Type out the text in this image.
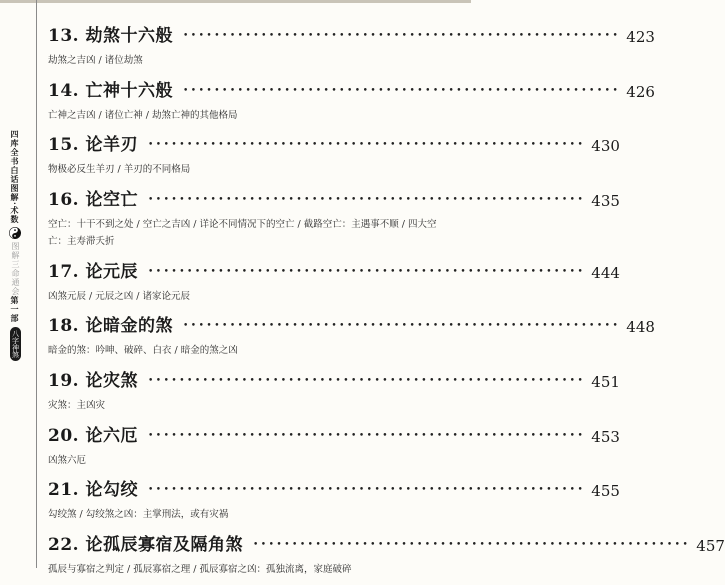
四库全书白话图解·术数
图解三命通会
第一部
八字神煞
13. 劫煞十六般 •••••••••••••••••••••••••••••••••••••••••••••••••••••••• 423
劫煞之吉凶 / 诸位劫煞
14. 亡神十六般 •••••••••••••••••••••••••••••••••••••••••••••••••••••••• 426
亡神之吉凶 / 诸位亡神 / 劫煞亡神的其他格局
15. 论羊刃 •••••••••••••••••••••••••••••••••••••••••••••••••••••••• 430
物极必反生羊刃 / 羊刃的不同格局
16. 论空亡 •••••••••••••••••••••••••••••••••••••••••••••••••••••••• 435
空亡：十干不到之处 / 空亡之吉凶 / 详论不同情况下的空亡 / 截路空亡：主遇事不顺 / 四大空亡：主寿滞夭折
17. 论元辰 •••••••••••••••••••••••••••••••••••••••••••••••••••••••• 444
凶煞元辰 / 元辰之凶 / 诸家论元辰
18. 论暗金的煞 •••••••••••••••••••••••••••••••••••••••••••••••••••••••• 448
暗金的煞：吟呻、破碎、白衣 / 暗金的煞之凶
19. 论灾煞 •••••••••••••••••••••••••••••••••••••••••••••••••••••••• 451
灾煞：主凶灾
20. 论六厄 •••••••••••••••••••••••••••••••••••••••••••••••••••••••• 453
凶煞六厄
21. 论勾绞 •••••••••••••••••••••••••••••••••••••••••••••••••••••••• 455
勾绞煞 / 勾绞煞之凶：主掌刑法，或有灾祸
22. 论孤辰寡宿及隔角煞 •••••••••••••••••••••••••••••••••••••••••••••••••••••••• 457
孤辰与寡宿之判定 / 孤辰寡宿之理 / 孤辰寡宿之凶：孤独流离，家庭破碎
